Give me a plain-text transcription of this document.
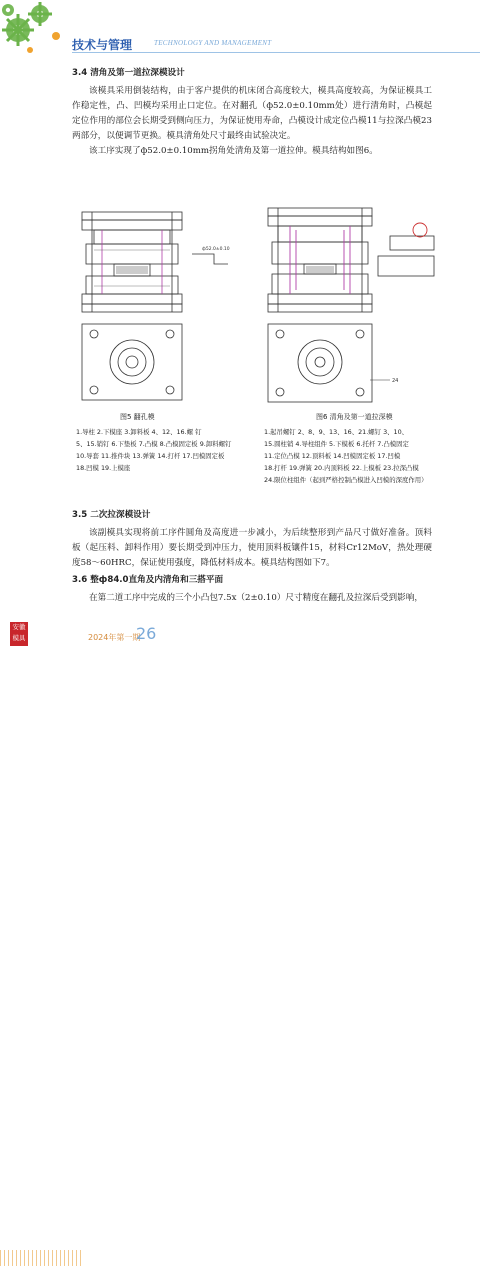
技术与管理	TECHNOLOGY AND MANAGEMENT
3.4 清角及第一道拉深模设计

该模具采用倒装结构，由于客户提供的机床闭合高度较大，模具高度较高，为保证模具工作稳定性，凸、凹模均采用止口定位。在对翻孔（ф52.0±0.10mm处）进行清角时，凸模起定位作用的部位会长期受到侧向压力，为保证使用寿命，凸模设计成定位凸模11与拉深凸模23两部分，以便调节更换。模具清角处尺寸最终由试验决定。

该工序实现了ф52.0±0.10mm拐角处清角及第一道拉伸。模具结构如图6。

ф52.0±0.10
图5 翻孔模
1.导柱 2.下模座 3.卸料板 4、12、16.螺 钉
5、15.销钉 6.下垫板 7.凸模 8.凸模固定板 9.卸料螺钉
10.导套 11.推件块 13.弹簧 14.打杆 17.凹模固定板
18.凹模 19.上模座
24
图6 清角及第一道拉深模
1.起吊螺钉 2、8、9、13、16、21.螺钉 3、10、
15.圆柱销 4.导柱组件 5.下模板 6.托杆 7.凸模固定
11.定位凸模 12.顶料板 14.凹模固定板 17.凹模
18.打杆 19.弹簧 20.内顶料板 22.上模板 23.拉深凸模
24.限位柱组件（起到严格控制凸模进入凹模的深度作用）
3.5 二次拉深模设计

该副模具实现将前工序件圆角及高度进一步减小，为后续整形到产品尺寸做好准备。顶料板（起压料、卸料作用）要长期受到冲压力，使用顶料板镶件15，材料Cr12MoV，热处理硬度58～60HRC，保证使用强度，降低材料成本。模具结构图如下7。

3.6 整ф84.0直角及内清角和三搭平面

在第二道工序中完成的三个小凸包7.5x（2±0.10）尺寸精度在翻孔及拉深后受到影响，

安徽
模具	2024年第一期
26
